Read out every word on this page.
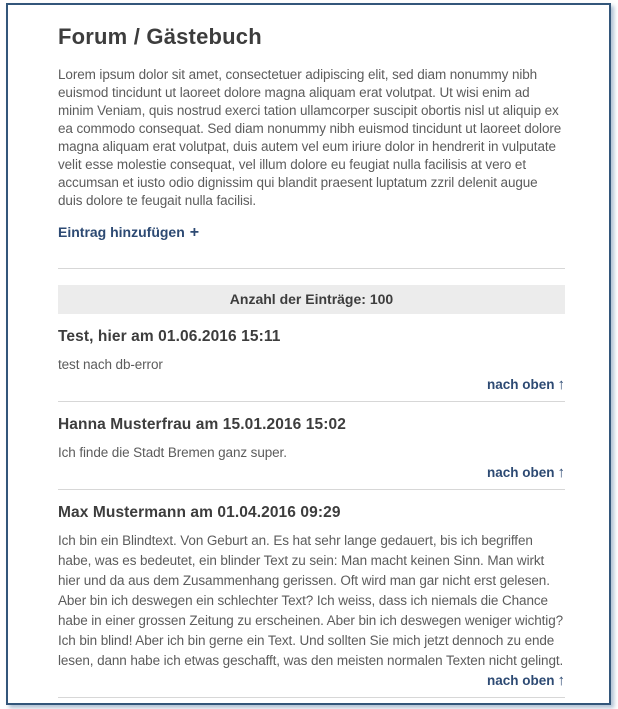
Forum / Gästebuch

Lorem ipsum dolor sit amet, consectetuer adipiscing elit, sed diam nonummy nibh euismod tincidunt ut laoreet dolore magna aliquam erat volutpat. Ut wisi enim ad minim Veniam, quis nostrud exerci tation ullamcorper suscipit obortis nisl ut aliquip ex ea commodo consequat. Sed diam nonummy nibh euismod tincidunt ut laoreet dolore magna aliquam erat volutpat, duis autem vel eum iriure dolor in hendrerit in vulputate velit esse molestie consequat, vel illum dolore eu feugiat nulla facilisis at vero et accumsan et iusto odio dignissim qui blandit praesent luptatum zzril delenit augue duis dolore te feugait nulla facilisi.

Eintrag hinzufügen +
Anzahl der Einträge: 100
Test, hier am 01.06.2016 15:11

test nach db-error

nach oben ↑
Hanna Musterfrau am 15.01.2016 15:02

Ich finde die Stadt Bremen ganz super.

nach oben ↑
Max Mustermann am 01.04.2016 09:29

Ich bin ein Blindtext. Von Geburt an. Es hat sehr lange gedauert, bis ich begriffen habe, was es bedeutet, ein blinder Text zu sein: Man macht keinen Sinn. Man wirkt hier und da aus dem Zusammenhang gerissen. Oft wird man gar nicht erst gelesen. Aber bin ich deswegen ein schlechter Text? Ich weiss, dass ich niemals die Chance habe in einer grossen Zeitung zu erscheinen. Aber bin ich deswegen weniger wichtig? Ich bin blind! Aber ich bin gerne ein Text. Und sollten Sie mich jetzt dennoch zu ende lesen, dann habe ich etwas geschafft, was den meisten normalen Texten nicht gelingt.

nach oben ↑
